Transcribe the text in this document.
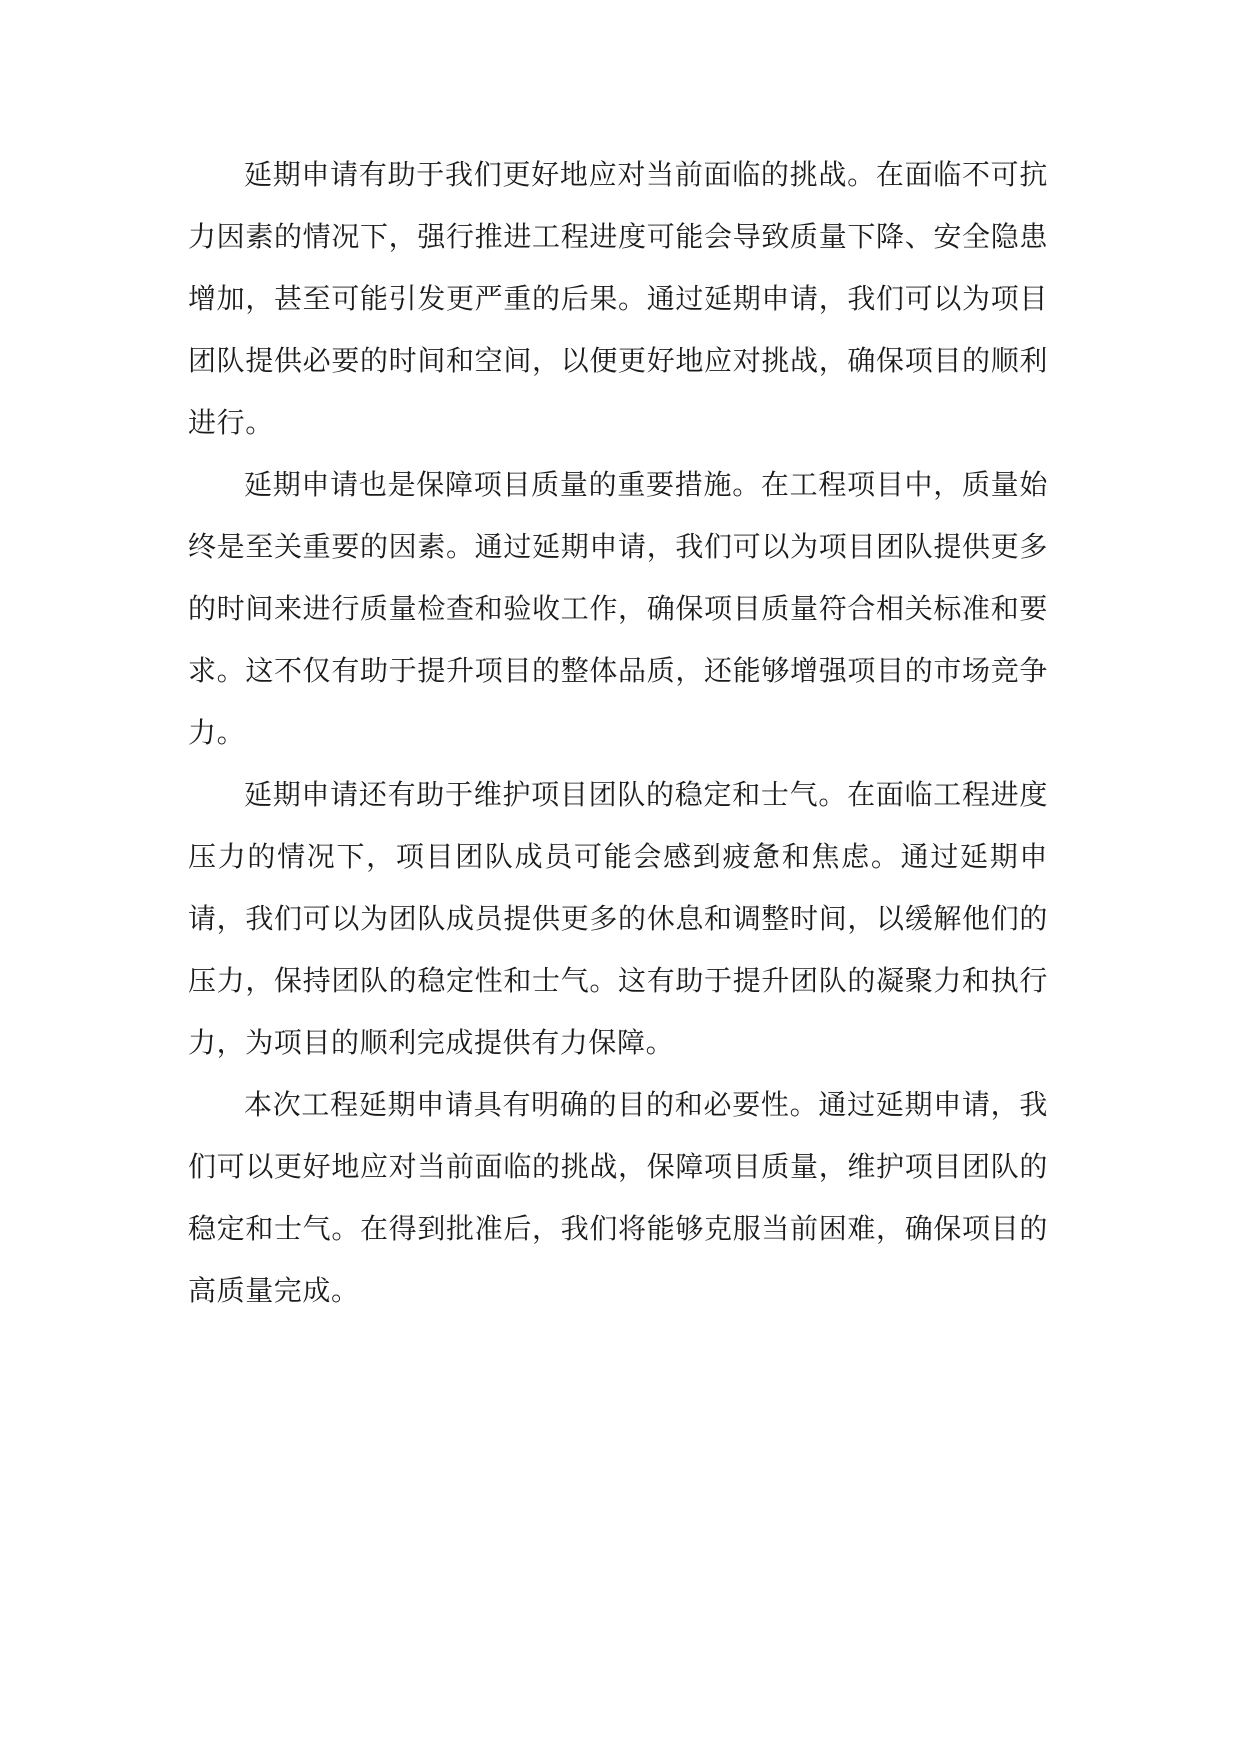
延期申请有助于我们更好地应对当前面临的挑战。在面临不可抗力因素的情况下，强行推进工程进度可能会导致质量下降、安全隐患增加，甚至可能引发更严重的后果。通过延期申请，我们可以为项目团队提供必要的时间和空间，以便更好地应对挑战，确保项目的顺利进行。

延期申请也是保障项目质量的重要措施。在工程项目中，质量始终是至关重要的因素。通过延期申请，我们可以为项目团队提供更多的时间来进行质量检查和验收工作，确保项目质量符合相关标准和要求。这不仅有助于提升项目的整体品质，还能够增强项目的市场竞争力。

延期申请还有助于维护项目团队的稳定和士气。在面临工程进度压力的情况下，项目团队成员可能会感到疲惫和焦虑。通过延期申请，我们可以为团队成员提供更多的休息和调整时间，以缓解他们的压力，保持团队的稳定性和士气。这有助于提升团队的凝聚力和执行力，为项目的顺利完成提供有力保障。

本次工程延期申请具有明确的目的和必要性。通过延期申请，我们可以更好地应对当前面临的挑战，保障项目质量，维护项目团队的稳定和士气。在得到批准后，我们将能够克服当前困难，确保项目的高质量完成。
